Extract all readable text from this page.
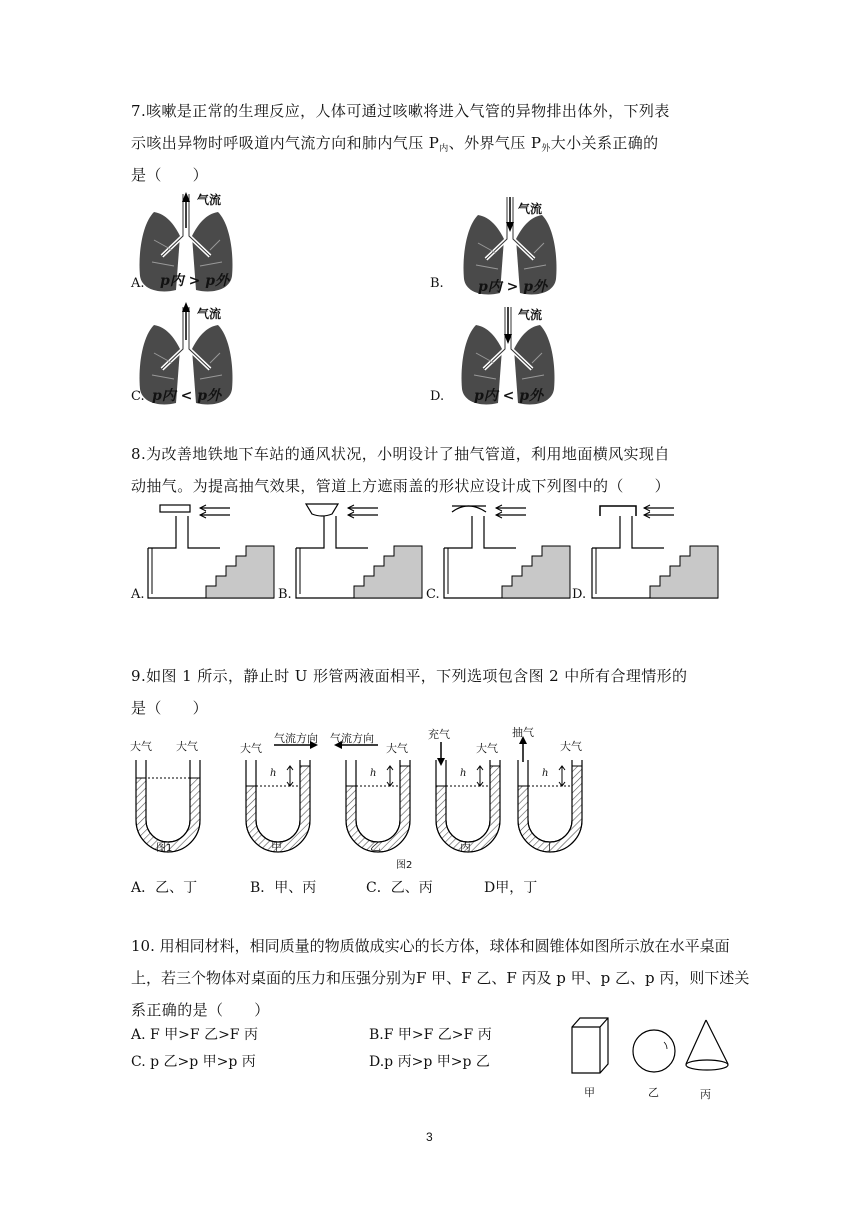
7.咳嗽是正常的生理反应，人体可通过咳嗽将进入气管的异物排出体外，下列表
示咳出异物时呼吸道内气流方向和肺内气压 $P_内$、外界气压 $P_外$大小关系正确的
是（　　）
气流
气流
气流	气流
A. p内 > p外	B. p内 > p外
C. p内 < p外	D. p内 < p外
8.为改善地铁地下车站的通风状况，小明设计了抽气管道，利用地面横风实现自
动抽气。为提高抽气效果，管道上方遮雨盖的形状应设计成下列图中的（　　）
A.	B.	C.	D.
9.如图 1 所示，静止时 U 形管两液面相平，下列选项包含图 2 中所有合理情形的
是（　　）
大气 大气	大气
气流方向 气流方向
大气
充气
大气
抽气
大气
h	h	h	h
图1	甲	乙	丙	丁
图2
A．乙、丁	B．甲、丙	C．乙、丙	D甲，丁
10. 用相同材料，相同质量的物质做成实心的长方体，球体和圆锥体如图所示放在水平桌面
上，若三个物体对桌面的压力和压强分别为F 甲、F 乙、F 丙及 p 甲、p 乙、p 丙，则下述关
系正确的是（　　）
A. F 甲>F 乙>F 丙	B.F 甲>F 乙>F 丙
C. p 乙>p 甲>p 丙	D.p 丙>p 甲>p 乙
甲	乙	丙
3
